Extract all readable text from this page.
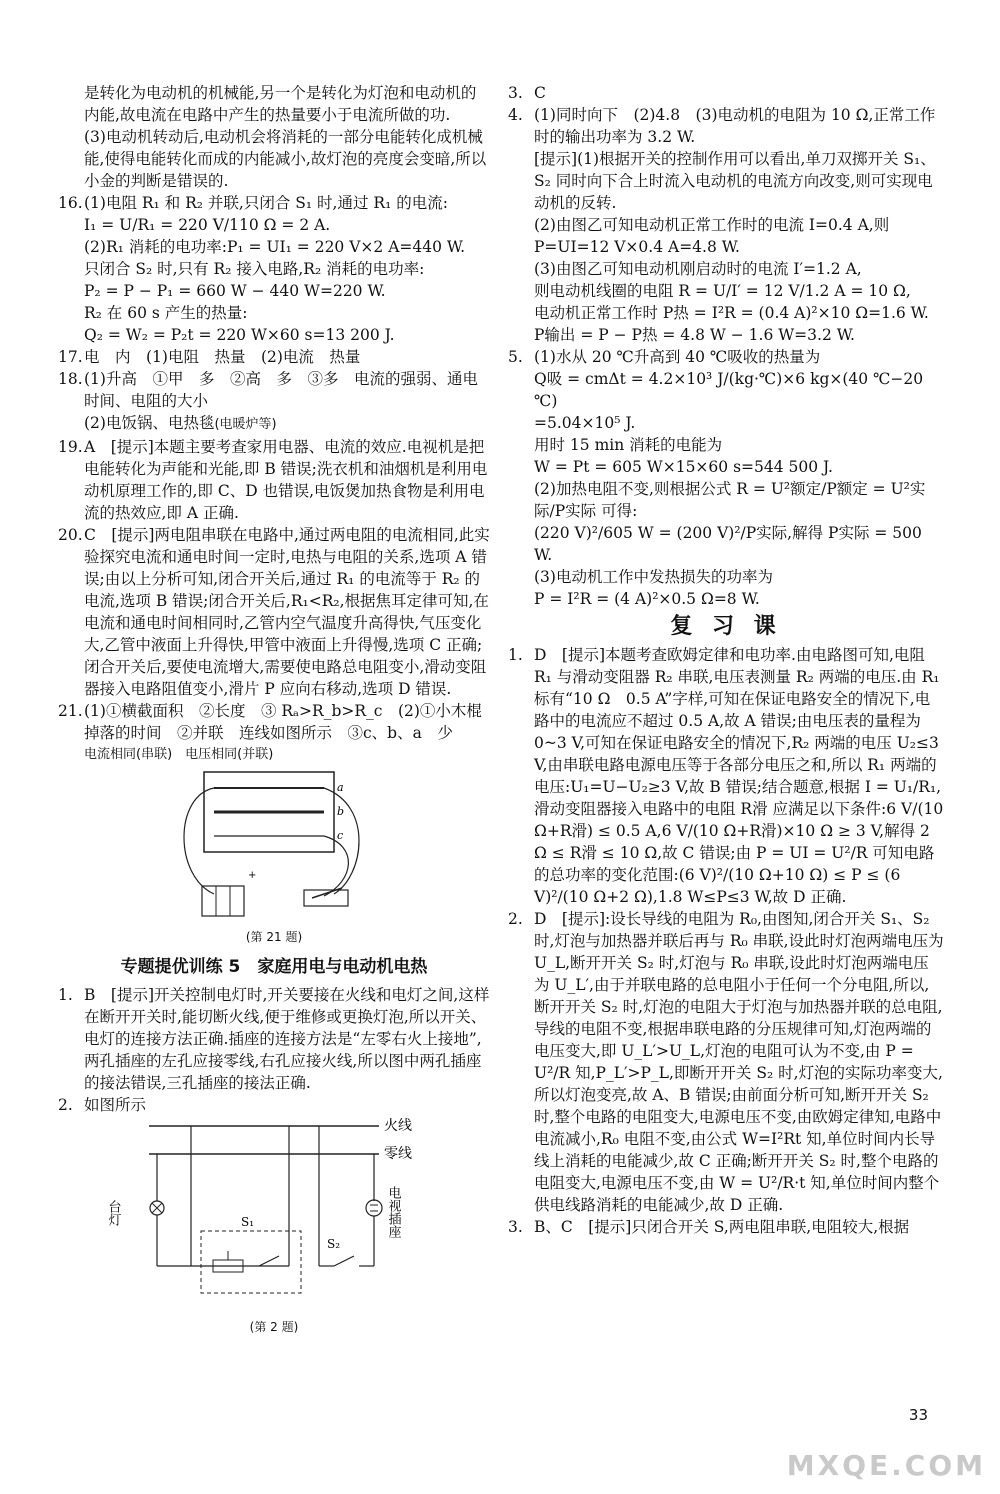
是转化为电动机的机械能,另一个是转化为灯泡和电动机的内能,故电流在电路中产生的热量要小于电流所做的功.

(3)电动机转动后,电动机会将消耗的一部分电能转化成机械能,使得电能转化而成的内能减小,故灯泡的亮度会变暗,所以小金的判断是错误的.

16. (1)电阻 R₁ 和 R₂ 并联,只闭合 S₁ 时,通过 R₁ 的电流:

I₁ = U/R₁ = 220 V/110 Ω = 2 A.

(2)R₁ 消耗的电功率:P₁ = UI₁ = 220 V×2 A=440 W.

只闭合 S₂ 时,只有 R₂ 接入电路,R₂ 消耗的电功率:

P₂ = P − P₁ = 660 W − 440 W=220 W.

R₂ 在 60 s 产生的热量:

Q₂ = W₂ = P₂t = 220 W×60 s=13 200 J.

17. 电　内　(1)电阻　热量　(2)电流　热量
18. (1)升高　①甲　多　②高　多　③多　电流的强弱、通电时间、电阻的大小

(2)电饭锅、电热毯(电暖炉等)

19. A　[提示]本题主要考查家用电器、电流的效应.电视机是把电能转化为声能和光能,即 B 错误;洗衣机和油烟机是利用电动机原理工作的,即 C、D 也错误,电饭煲加热食物是利用电流的热效应,即 A 正确.
20. C　[提示]两电阻串联在电路中,通过两电阻的电流相同,此实验探究电流和通电时间一定时,电热与电阻的关系,选项 A 错误;由以上分析可知,闭合开关后,通过 R₁ 的电流等于 R₂ 的电流,选项 B 错误;闭合开关后,R₁<R₂,根据焦耳定律可知,在电流和通电时间相同时,乙管内空气温度升高得快,气压变化大,乙管中液面上升得快,甲管中液面上升得慢,选项 C 正确;闭合开关后,要使电流增大,需要使电路总电阻变小,滑动变阻器接入电路阻值变小,滑片 P 应向右移动,选项 D 错误.
21. (1)①横截面积　②长度　③ Rₐ>R_b>R_c　(2)①小木棍掉落的时间　②并联　连线如图所示　③c、b、a　少

电流相同(串联)　电压相同(并联)

a
b
c
+
(第 21 题)
专题提优训练 5　家庭用电与电动机电热
1. B　[提示]开关控制电灯时,开关要接在火线和电灯之间,这样在断开开关时,能切断火线,便于维修或更换灯泡,所以开关、电灯的连接方法正确.插座的连接方法是“左零右火上接地”,两孔插座的左孔应接零线,右孔应接火线,所以图中两孔插座的接法错误,三孔插座的接法正确.
2. 如图所示
火线
零线
台灯	S₁
S₂
电视插座
(第 2 题)
3. C
4. (1)同时向下　(2)4.8　(3)电动机的电阻为 10 Ω,正常工作时的输出功率为 3.2 W.

[提示](1)根据开关的控制作用可以看出,单刀双掷开关 S₁、S₂ 同时向下合上时流入电动机的电流方向改变,则可实现电动机的反转.

(2)由图乙可知电动机正常工作时的电流 I=0.4 A,则 P=UI=12 V×0.4 A=4.8 W.

(3)由图乙可知电动机刚启动时的电流 I′=1.2 A,

则电动机线圈的电阻 R = U/I′ = 12 V/1.2 A = 10 Ω,

电动机正常工作时 P热 = I²R = (0.4 A)²×10 Ω=1.6 W.

P输出 = P − P热 = 4.8 W − 1.6 W=3.2 W.

5. (1)水从 20 ℃升高到 40 ℃吸收的热量为

Q吸 = cmΔt = 4.2×10³ J/(kg·℃)×6 kg×(40 ℃−20 ℃)

=5.04×10⁵ J.

用时 15 min 消耗的电能为

W = Pt = 605 W×15×60 s=544 500 J.

(2)加热电阻不变,则根据公式 R = U²额定/P额定 = U²实际/P实际 可得:

(220 V)²/605 W = (200 V)²/P实际,解得 P实际 = 500 W.

(3)电动机工作中发热损失的功率为

P = I²R = (4 A)²×0.5 Ω=8 W.

复 习 课
1. D　[提示]本题考查欧姆定律和电功率.由电路图可知,电阻 R₁ 与滑动变阻器 R₂ 串联,电压表测量 R₂ 两端的电压.由 R₁ 标有“10 Ω　0.5 A”字样,可知在保证电路安全的情况下,电路中的电流应不超过 0.5 A,故 A 错误;由电压表的量程为 0~3 V,可知在保证电路安全的情况下,R₂ 两端的电压 U₂≤3 V,由串联电路电源电压等于各部分电压之和,所以 R₁ 两端的电压:U₁=U−U₂≥3 V,故 B 错误;结合题意,根据 I = U₁/R₁,滑动变阻器接入电路中的电阻 R滑 应满足以下条件:6 V/(10 Ω+R滑) ≤ 0.5 A,6 V/(10 Ω+R滑)×10 Ω ≥ 3 V,解得 2 Ω ≤ R滑 ≤ 10 Ω,故 C 错误;由 P = UI = U²/R 可知电路的总功率的变化范围:(6 V)²/(10 Ω+10 Ω) ≤ P ≤ (6 V)²/(10 Ω+2 Ω),1.8 W≤P≤3 W,故 D 正确.
2. D　[提示]:设长导线的电阻为 R₀,由图知,闭合开关 S₁、S₂ 时,灯泡与加热器并联后再与 R₀ 串联,设此时灯泡两端电压为 U_L,断开开关 S₂ 时,灯泡与 R₀ 串联,设此时灯泡两端电压为 U_L′,由于并联电路的总电阻小于任何一个分电阻,所以,断开开关 S₂ 时,灯泡的电阻大于灯泡与加热器并联的总电阻,导线的电阻不变,根据串联电路的分压规律可知,灯泡两端的电压变大,即 U_L′>U_L,灯泡的电阻可认为不变,由 P = U²/R 知,P_L′>P_L,即断开开关 S₂ 时,灯泡的实际功率变大,所以灯泡变亮,故 A、B 错误;由前面分析可知,断开开关 S₂ 时,整个电路的电阻变大,电源电压不变,由欧姆定律知,电路中电流减小,R₀ 电阻不变,由公式 W=I²Rt 知,单位时间内长导线上消耗的电能减少,故 C 正确;断开开关 S₂ 时,整个电路的电阻变大,电源电压不变,由 W = U²/R·t 知,单位时间内整个供电线路消耗的电能减少,故 D 正确.
3. B、C　[提示]只闭合开关 S,两电阻串联,电阻较大,根据
33
MXQE.COM
